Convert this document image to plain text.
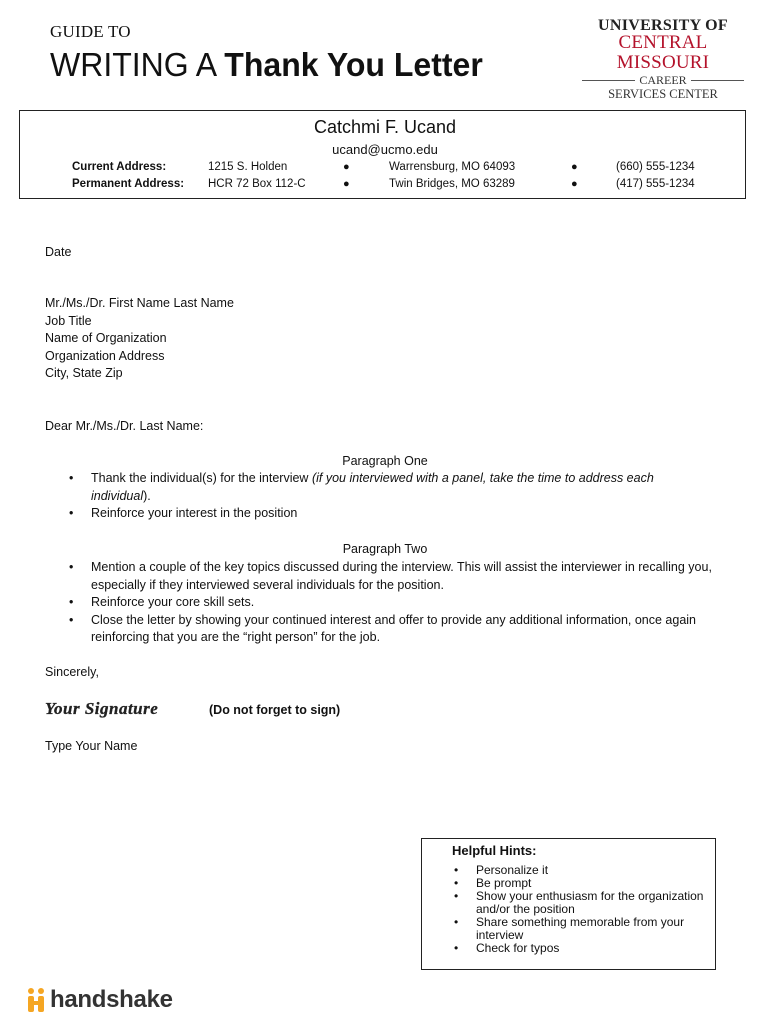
GUIDE TO
WRITING A Thank You Letter
UNIVERSITY OF
CENTRAL MISSOURI
CAREER
SERVICES CENTER
Catchmi F. Ucand
ucand@ucmo.edu
Current Address:	1215 S. Holden	●	Warrensburg, MO 64093	●	(660) 555-1234
Permanent Address: HCR 72 Box 112-C	●	Twin Bridges, MO 63289	●	(417) 555-1234
Date
Mr./Ms./Dr. First Name Last Name
Job Title
Name of Organization
Organization Address
City, State Zip
Dear Mr./Ms./Dr. Last Name:
Paragraph One
• Thank the individual(s) for the interview (if you interviewed with a panel, take the time to address each individual).
• Reinforce your interest in the position
Paragraph Two
• Mention a couple of the key topics discussed during the interview. This will assist the interviewer in recalling you, especially if they interviewed several individuals for the position.
• Reinforce your core skill sets.
• Close the letter by showing your continued interest and offer to provide any additional information, once again reinforcing that you are the “right person” for the job.
Sincerely,
Your Signature	(Do not forget to sign)
Type Your Name
Helpful Hints:
• Personalize it
• Be prompt
• Show your enthusiasm for the organization and/or the position
• Share something memorable from your interview
• Check for typos
handshake
